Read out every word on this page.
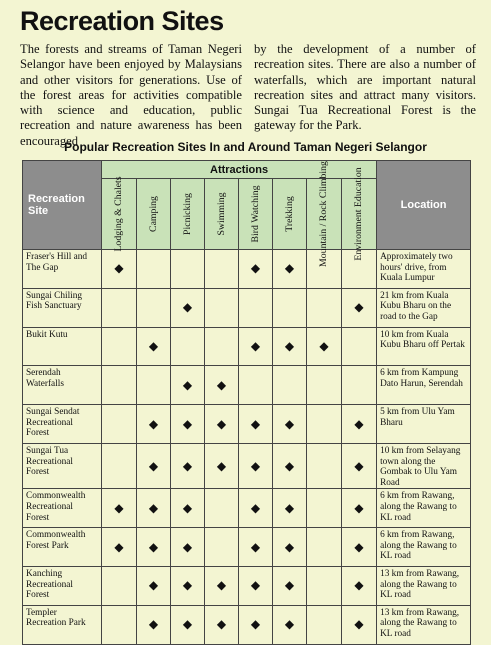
Recreation Sites

The forests and streams of Taman Negeri Selangor have been enjoyed by Malaysians and other visitors for generations. Use of the forest areas for activities compatible with science and education, public recreation and nature awareness has been encouraged

by the development of a number of recreation sites. There are also a number of waterfalls, which are important natural recreation sites and attract many visitors. Sungai Tua Recreational Forest is the gateway for the Park.

Popular Recreation Sites In and Around Taman Negeri Selangor
Recreation Site	Attractions								Location

	Lodging & Chalets	Camping	Picnicking	Swimming	Bird Watching	Trekking	Mountain / Rock Climbing	Environment Education	

Fraser's Hill and The Gap	◆				◆	◆			Approximately two hours' drive, from Kuala Lumpur
Sungai Chiling Fish Sanctuary			◆					◆	21 km from Kuala Kubu Bharu on the road to the Gap
Bukit Kutu		◆			◆	◆	◆		10 km from Kuala Kubu Bharu off Pertak
Serendah Waterfalls			◆	◆					6 km from Kampung Dato Harun, Serendah
Sungai Sendat Recreational Forest		◆	◆	◆	◆	◆		◆	5 km from Ulu Yam Bharu
Sungai Tua Recreational Forest		◆	◆	◆	◆	◆		◆	10 km from Selayang town along the Gombak to Ulu Yam Road
Commonwealth Recreational Forest	◆	◆	◆		◆	◆		◆	6 km from Rawang, along the Rawang to KL road
Commonwealth Forest Park	◆	◆	◆		◆	◆		◆	6 km from Rawang, along the Rawang to KL road
Kanching Recreational Forest		◆	◆	◆	◆	◆		◆	13 km from Rawang, along the Rawang to KL road
Templer Recreation Park		◆	◆	◆	◆	◆		◆	13 km from Rawang, along the Rawang to KL road
